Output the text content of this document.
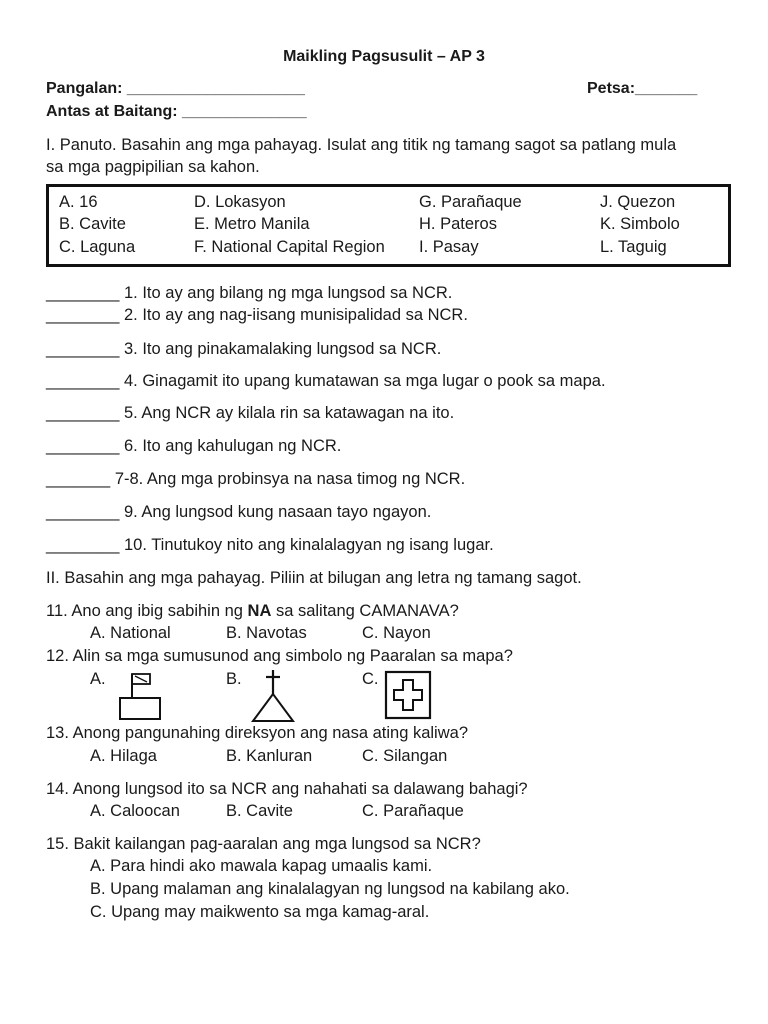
Maikling Pagsusulit – AP 3
Pangalan: ____________________	Petsa:_______
Antas at Baitang: ______________
I. Panuto. Basahin ang mga pahayag. Isulat ang titik ng tamang sagot sa patlang mula
sa mga pagpipilian sa kahon.
A. 16	D. Lokasyon	G. Parañaque	J. Quezon
B. Cavite	E. Metro Manila	H. Pateros	K. Simbolo
C. Laguna	F. National Capital Region I. Pasay	L. Taguig
________ 1. Ito ay ang bilang ng mga lungsod sa NCR.
________ 2. Ito ay ang nag-iisang munisipalidad sa NCR.
________ 3. Ito ang pinakamalaking lungsod sa NCR.
________ 4. Ginagamit ito upang kumatawan sa mga lugar o pook sa mapa.
________ 5. Ang NCR ay kilala rin sa katawagan na ito.
________ 6. Ito ang kahulugan ng NCR.
_______ 7-8. Ang mga probinsya na nasa timog ng NCR.
________ 9. Ang lungsod kung nasaan tayo ngayon.
________ 10. Tinutukoy nito ang kinalalagyan ng isang lugar.
II. Basahin ang mga pahayag. Piliin at bilugan ang letra ng tamang sagot.
11. Ano ang ibig sabihin ng NA sa salitang CAMANAVA?
A. National	B. Navotas	C. Nayon
12. Alin sa mga sumusunod ang simbolo ng Paaralan sa mapa?
A.	B.	C.
13. Anong pangunahing direksyon ang nasa ating kaliwa?
A. Hilaga	B. Kanluran	C. Silangan
14. Anong lungsod ito sa NCR ang nahahati sa dalawang bahagi?
A. Caloocan	B. Cavite	C. Parañaque
15. Bakit kailangan pag-aaralan ang mga lungsod sa NCR?
A. Para hindi ako mawala kapag umaalis kami.
B. Upang malaman ang kinalalagyan ng lungsod na kabilang ako.
C. Upang may maikwento sa mga kamag-aral.
